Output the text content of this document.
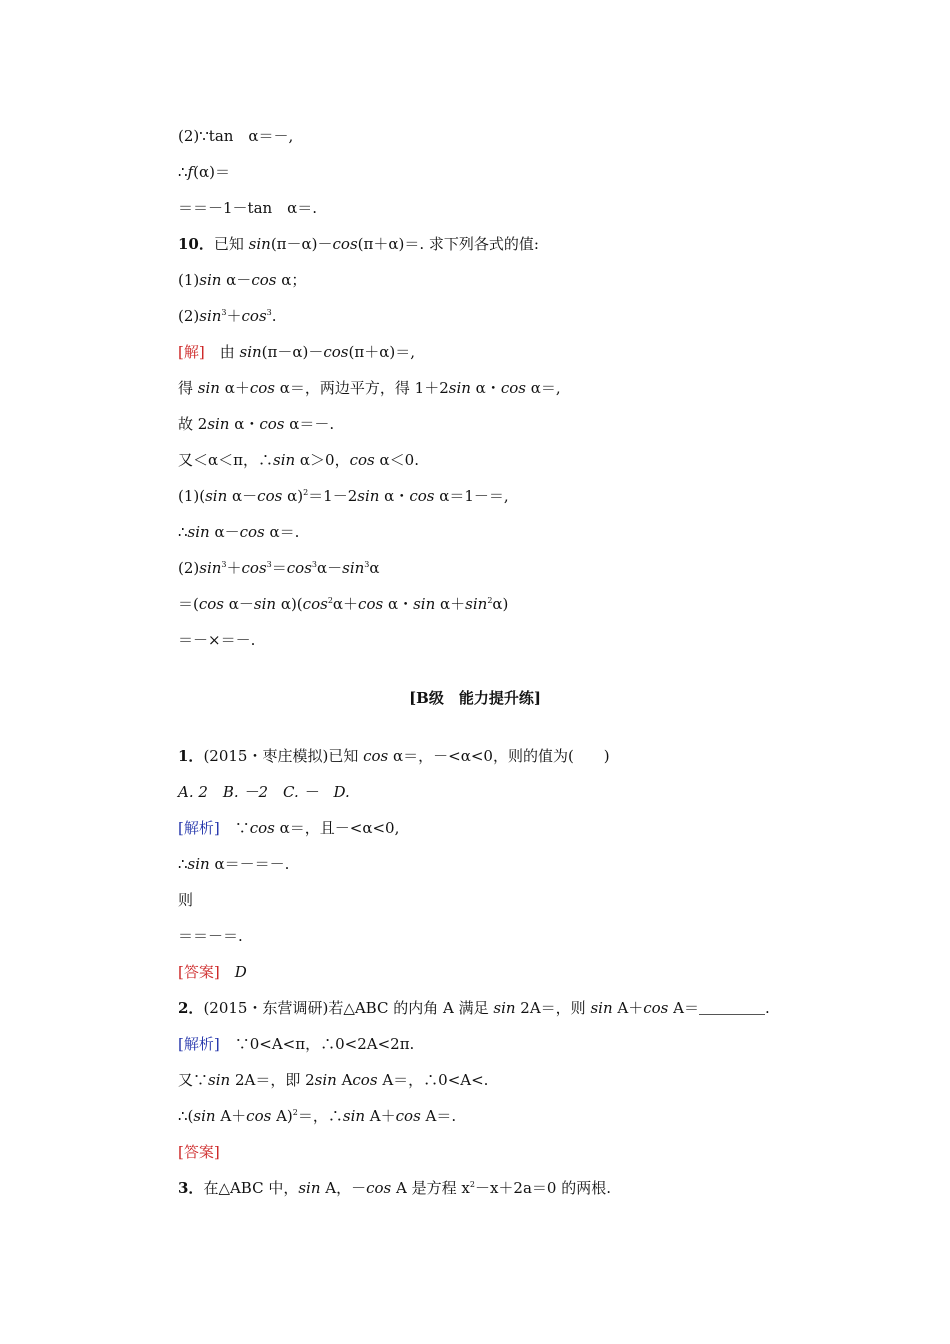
(2)∵tan　α＝－,
∴f(α)＝
＝＝－1－tan　α＝.
10．已知 sin(π－α)－cos(π＋α)＝. 求下列各式的值:
(1)sin α－cos α；
$(2)\sin^3+\cos^3$.
[解]　由 sin(π－α)－cos(π＋α)＝,
得 sin α＋cos α＝，两边平方，得 1＋2sin α・cos α＝,
故 2sin α・cos α＝－.
又＜α＜π，∴sin α＞0，cos α＜0.
(1)(sin α－cos α)$^2$＝1－2sin α・cos α＝1－＝,
∴sin α－cos α＝.
$(2)\sin^3+\cos^3=\cos^3\alpha-\sin^3\alpha$
＝(cos α－sin $\alpha)(\cos^2\alpha+\cos$ α・$\sin \alpha+\sin^2\alpha$)
＝－×＝－.
[B级　能力提升练]
1．(2015・枣庄模拟)已知 cos α＝，－<α<0，则的值为(　　)
A. 2　B. －2　C. －　D.
[解析]　∵cos α＝，且－<α<0,
∴sin α＝－＝－.
则
＝＝－＝.
[答案]　 D
2．(2015・东营调研)若△ABC 的内角 A 满足 sin 2A＝，则 sin A＋cos A＝	.
[解析]　∵0<A<π，∴0<2A<2π.
又∵sin 2A＝，即 2sin Acos A＝，∴0<A<.
∴(sin A＋cos A)$^2$＝，∴sin A＋cos A＝.
[答案]
3．在△ABC 中，sin A，－cos A 是方程 $x^2-x+2a=0$ 的两根.
